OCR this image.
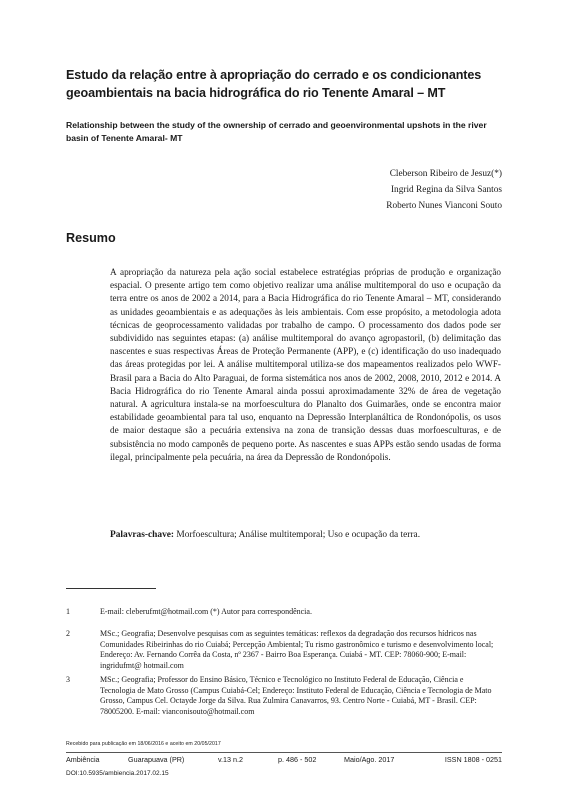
Estudo da relação entre à apropriação do cerrado e os condicionantes geoambientais na bacia hidrográfica do rio Tenente Amaral – MT
Relationship between the study of the ownership of cerrado and geoenvironmental upshots in the river basin of Tenente Amaral- MT
Cleberson Ribeiro de Jesuz(*)
Ingrid Regina da Silva Santos
Roberto Nunes Vianconi Souto
Resumo
A apropriação da natureza pela ação social estabelece estratégias próprias de produção e organização espacial. O presente artigo tem como objetivo realizar uma análise multitemporal do uso e ocupação da terra entre os anos de 2002 a 2014, para a Bacia Hidrográfica do rio Tenente Amaral – MT, considerando as unidades geoambientais e as adequações às leis ambientais. Com esse propósito, a metodologia adota técnicas de geoprocessamento validadas por trabalho de campo. O processamento dos dados pode ser subdividido nas seguintes etapas: (a) análise multitemporal do avanço agropastoril, (b) delimitação das nascentes e suas respectivas Áreas de Proteção Permanente (APP), e (c) identificação do uso inadequado das áreas protegidas por lei. A análise multitemporal utiliza-se dos mapeamentos realizados pelo WWF-Brasil para a Bacia do Alto Paraguai, de forma sistemática nos anos de 2002, 2008, 2010, 2012 e 2014. A Bacia Hidrográfica do rio Tenente Amaral ainda possui aproximadamente 32% de área de vegetação natural. A agricultura instala-se na morfoescultura do Planalto dos Guimarães, onde se encontra maior estabilidade geoambiental para tal uso, enquanto na Depressão Interplanáltica de Rondonópolis, os usos de maior destaque são a pecuária extensiva na zona de transição dessas duas morfoesculturas, e de subsistência no modo camponês de pequeno porte. As nascentes e suas APPs estão sendo usadas de forma ilegal, principalmente pela pecuária, na área da Depressão de Rondonópolis.
Palavras-chave: Morfoescultura; Análise multitemporal; Uso e ocupação da terra.
1	E-mail: cleberufmt@hotmail.com (*) Autor para correspondência.
2	MSc.; Geografia; Desenvolve pesquisas com as seguintes temáticas: reflexos da degradação dos recursos hídricos nas Comunidades Ribeirinhas do rio Cuiabá; Percepção Ambiental; Tu rismo gastronômico e turismo e desenvolvimento local; Endereço: Av. Fernando Corrêa da Costa, nº 2367 - Bairro Boa Esperança. Cuiabá - MT. CEP: 78060-900; E-mail: ingridufmt@ hotmail.com
3	MSc.; Geografia; Professor do Ensino Básico, Técnico e Tecnológico no Instituto Federal de Educação, Ciência e Tecnologia de Mato Grosso (Campus Cuiabá-Cel; Endereço: Instituto Federal de Educação, Ciência e Tecnologia de Mato Grosso, Campus Cel. Octayde Jorge da Silva. Rua Zulmira Canavarros, 93. Centro Norte - Cuiabá, MT - Brasil. CEP: 78005200. E-mail: vianconisouto@hotmail.com
Recebido para publicação em 18/06/2016 e aceito em 20/05/2017
Ambiência	Guarapuava (PR)	v.13 n.2	p. 486 - 502	Maio/Ago. 2017	ISSN 1808 - 0251
DOI:10.5935/ambiencia.2017.02.15
